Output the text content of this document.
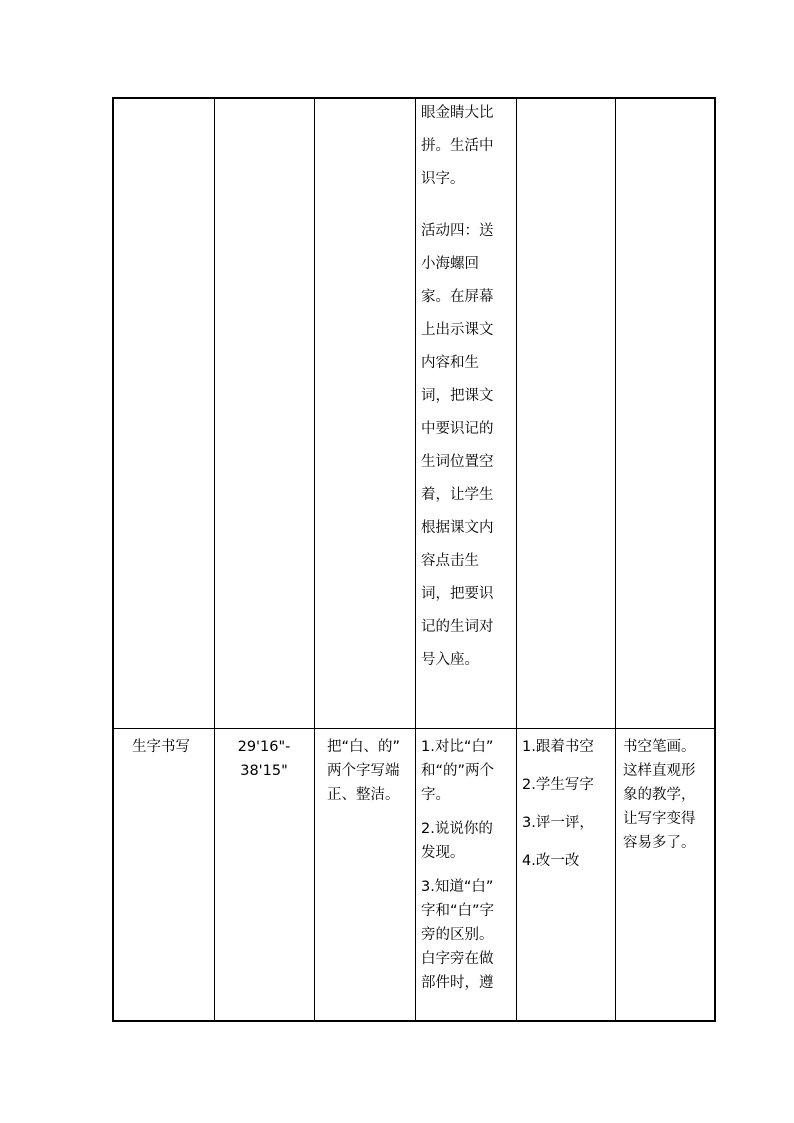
眼金睛大比
拼。生活中
识字。
活动四：送
小海螺回
家。在屏幕
上出示课文
内容和生
词，把课文
中要识记的
生词位置空
着，让学生
根据课文内
容点击生
词，把要识
记的生词对
号入座。
生字书写	29'16"-
38'15"
把“白、的”
两个字写端
正、整洁。
1.对比“白”
和“的”两个
字。
2.说说你的
发现。
3.知道“白”
字和“白”字
旁的区别。
白字旁在做
部件时，遵
1.跟着书空
2.学生写字
3.评一评，
4.改一改
书空笔画。
这样直观形
象的教学，
让写字变得
容易多了。
